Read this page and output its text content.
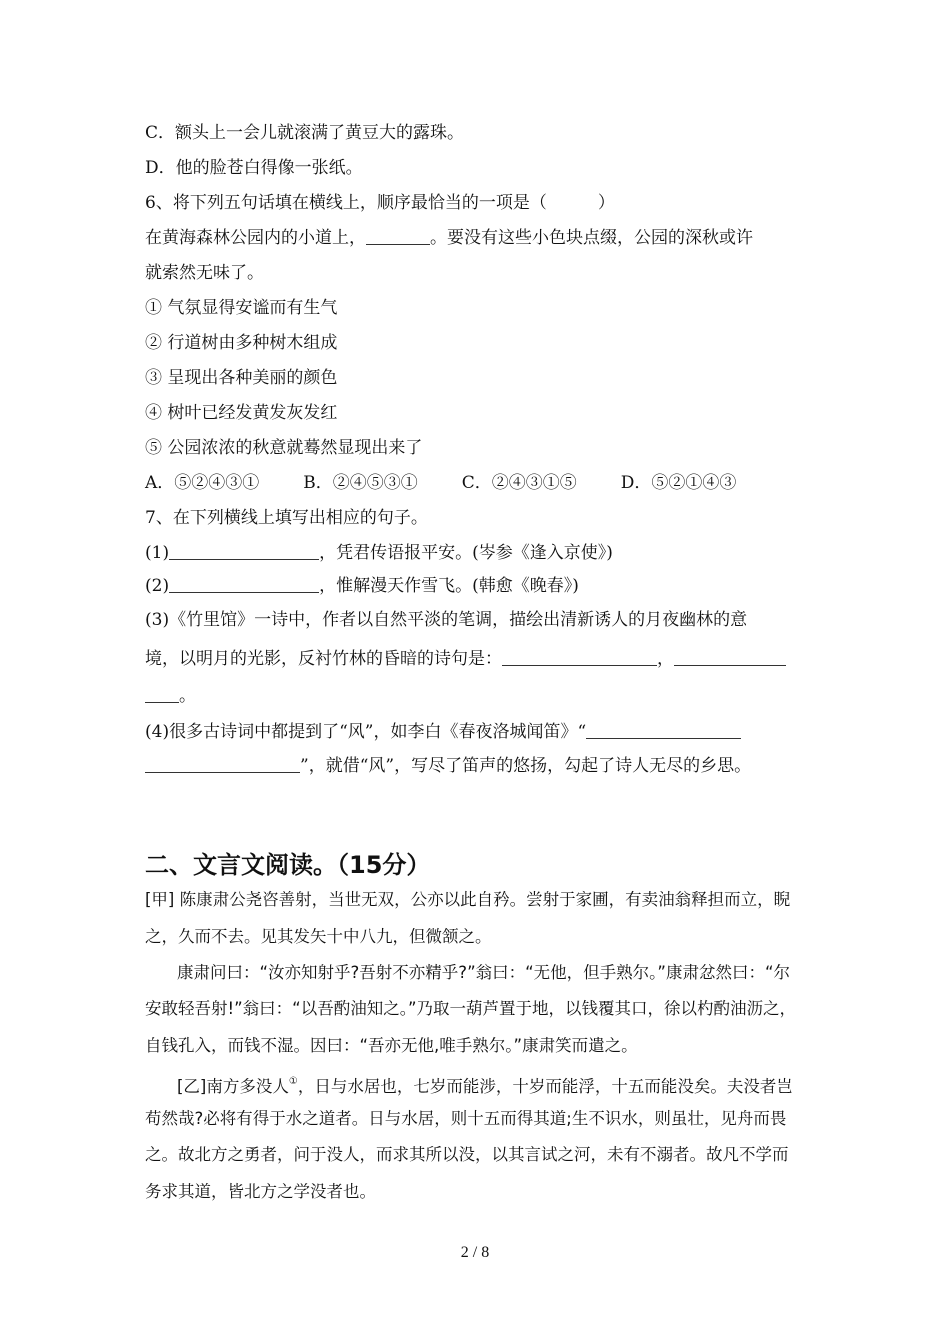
C．额头上一会儿就滚满了黄豆大的露珠。
D．他的脸苍白得像一张纸。
6、将下列五句话填在横线上，顺序最恰当的一项是（　　　）
在黄海森林公园内的小道上，	。要没有这些小色块点缀，公园的深秋或许
就索然无味了。
① 气氛显得安谧而有生气
② 行道树由多种树木组成
③ 呈现出各种美丽的颜色
④ 树叶已经发黄发灰发红
⑤ 公园浓浓的秋意就蓦然显现出来了
A．⑤②④③①	B．②④⑤③①	C．②④③①⑤	D．⑤②①④③
7、在下列横线上填写出相应的句子。
(1)	，凭君传语报平安。(岑参《逢入京使》)
(2)	，惟解漫天作雪飞。(韩愈《晚春》)
(3)《竹里馆》一诗中，作者以自然平淡的笔调，描绘出清新诱人的月夜幽林的意
境，以明月的光影，反衬竹林的昏暗的诗句是：	，
。
(4)很多古诗词中都提到了“风”，如李白《春夜洛城闻笛》“
”，就借“风”，写尽了笛声的悠扬，勾起了诗人无尽的乡思。
二、文言文阅读。（15分）
[甲] 陈康肃公尧咨善射，当世无双，公亦以此自矜。尝射于家圃，有卖油翁释担而立，睨
之，久而不去。见其发矢十中八九，但微颔之。
康肃问曰：“汝亦知射乎?吾射不亦精乎?”翁曰：“无他，但手熟尔。”康肃忿然曰：“尔
安敢轻吾射!”翁曰：“以吾酌油知之。”乃取一葫芦置于地，以钱覆其口，徐以杓酌油沥之，
自钱孔入，而钱不湿。因曰：“吾亦无他,唯手熟尔。”康肃笑而遣之。
[乙]南方多没人①，日与水居也，七岁而能涉，十岁而能浮，十五而能没矣。夫没者岂
苟然哉?必将有得于水之道者。日与水居，则十五而得其道;生不识水，则虽壮，见舟而畏
之。故北方之勇者，问于没人，而求其所以没，以其言试之河，未有不溺者。故凡不学而
务求其道，皆北方之学没者也。
2 / 8
